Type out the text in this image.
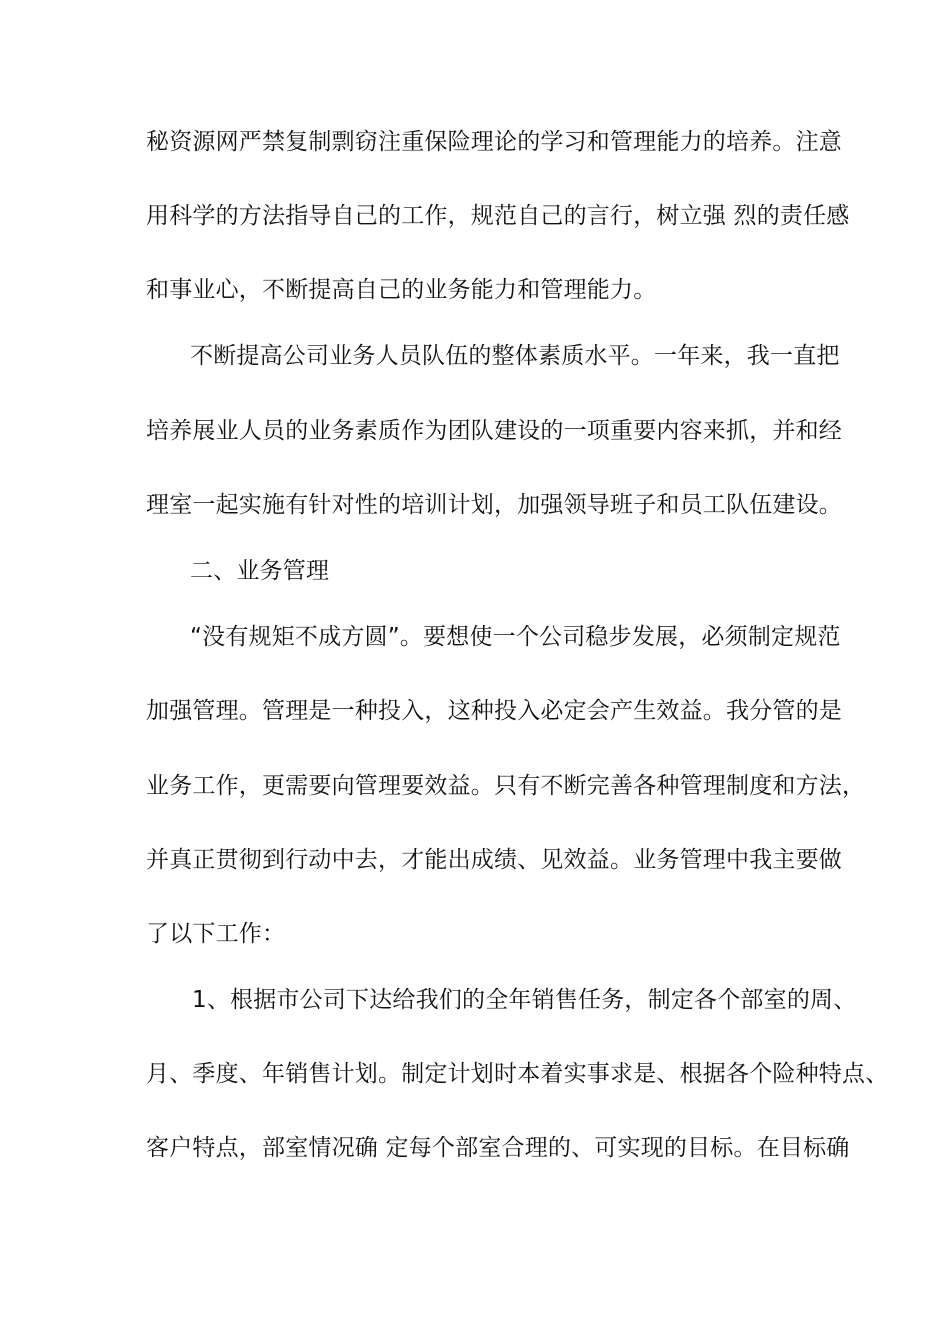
秘资源网严禁复制剽窃注重保险理论的学习和管理能力的培养。注意
用科学的方法指导自己的工作，规范自己的言行，树立强 烈的责任感
和事业心，不断提高自己的业务能力和管理能力。
不断提高公司业务人员队伍的整体素质水平。一年来，我一直把
培养展业人员的业务素质作为团队建设的一项重要内容来抓，并和经
理室一起实施有针对性的培训计划，加强领导班子和员工队伍建设。
二、业务管理
“没有规矩不成方圆”。要想使一个公司稳步发展，必须制定规范
加强管理。管理是一种投入，这种投入必定会产生效益。我分管的是
业务工作，更需要向管理要效益。只有不断完善各种管理制度和方法，
并真正贯彻到行动中去，才能出成绩、见效益。业务管理中我主要做
了以下工作：
1、根据市公司下达给我们的全年销售任务，制定各个部室的周、
月、季度、年销售计划。制定计划时本着实事求是、根据各个险种特点、
客户特点，部室情况确 定每个部室合理的、可实现的目标。在目标确
